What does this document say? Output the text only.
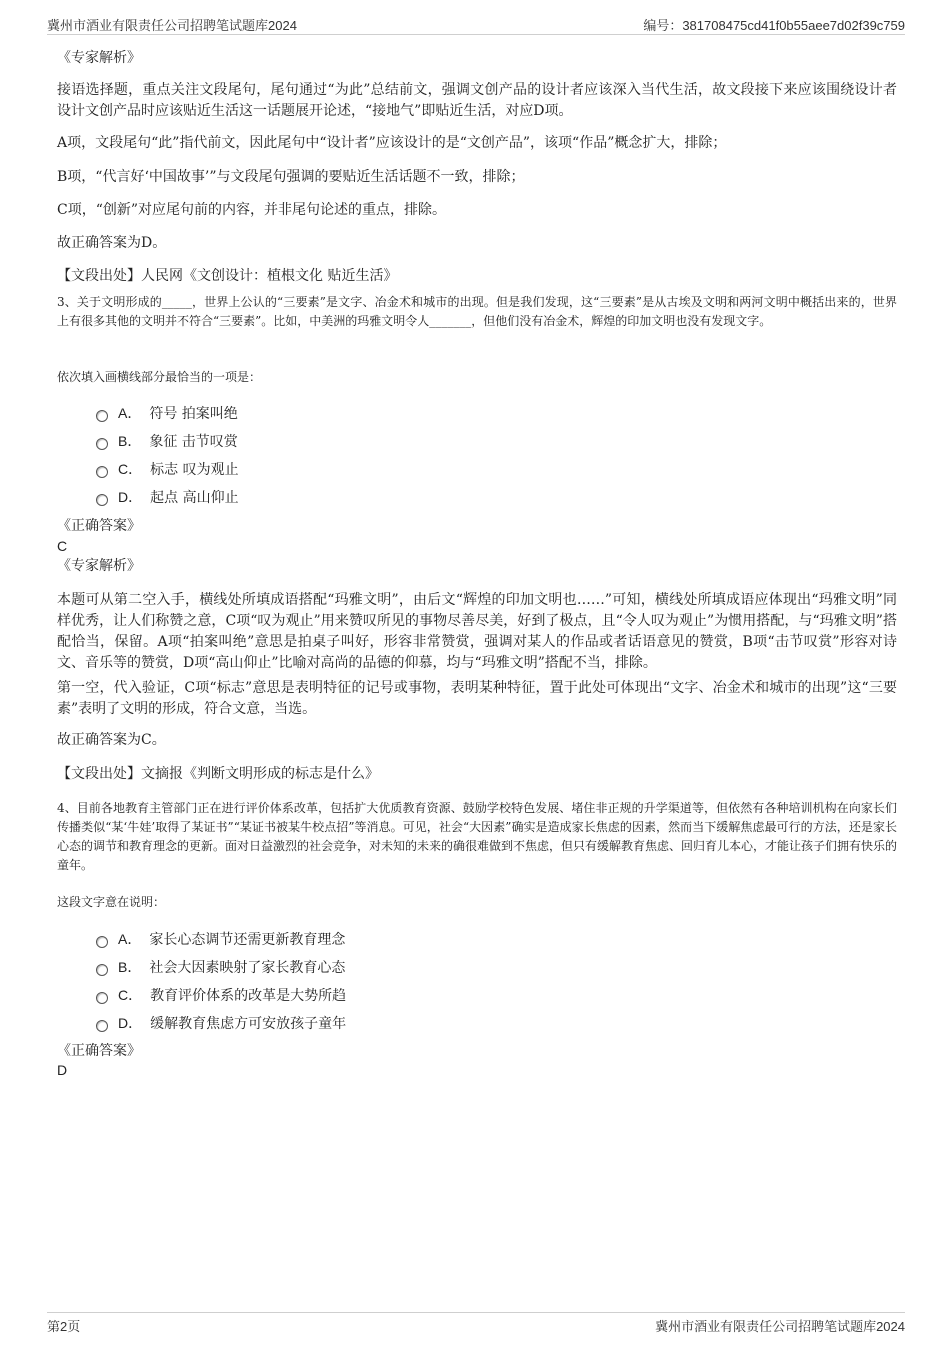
冀州市酒业有限责任公司招聘笔试题库2024	编号：381708475cd41f0b55aee7d02f39c759
《专家解析》

接语选择题，重点关注文段尾句，尾句通过“为此”总结前文，强调文创产品的设计者应该深入当代生活，故文段接下来应该围绕设计者设计文创产品时应该贴近生活这一话题展开论述，“接地气”即贴近生活，对应D项。

A项，文段尾句“此”指代前文，因此尾句中“设计者”应该设计的是“文创产品”，该项“作品”概念扩大，排除；

B项，“代言好‘中国故事’”与文段尾句强调的要贴近生活话题不一致，排除；

C项，“创新”对应尾句前的内容，并非尾句论述的重点，排除。

故正确答案为D。

【文段出处】人民网《文创设计：植根文化 贴近生活》

3、关于文明形成的_____，世界上公认的“三要素”是文字、冶金术和城市的出现。但是我们发现，这“三要素”是从古埃及文明和两河文明中概括出来的，世界上有很多其他的文明并不符合“三要素”。比如，中美洲的玛雅文明令人_______，但他们没有冶金术，辉煌的印加文明也没有发现文字。

依次填入画横线部分最恰当的一项是：

A． 符号 拍案叫绝
B． 象征 击节叹赏
C． 标志 叹为观止
D． 起点 高山仰止
《正确答案》
C
《专家解析》

本题可从第二空入手，横线处所填成语搭配“玛雅文明”，由后文“辉煌的印加文明也……”可知，横线处所填成语应体现出“玛雅文明”同样优秀，让人们称赞之意，C项“叹为观止”用来赞叹所见的事物尽善尽美，好到了极点，且“令人叹为观止”为惯用搭配，与“玛雅文明”搭配恰当，保留。A项“拍案叫绝”意思是拍桌子叫好，形容非常赞赏，强调对某人的作品或者话语意见的赞赏，B项“击节叹赏”形容对诗文、音乐等的赞赏，D项“高山仰止”比喻对高尚的品德的仰慕，均与“玛雅文明”搭配不当，排除。

第一空，代入验证，C项“标志”意思是表明特征的记号或事物，表明某种特征，置于此处可体现出“文字、冶金术和城市的出现”这“三要素”表明了文明的形成，符合文意，当选。

故正确答案为C。

【文段出处】文摘报《判断文明形成的标志是什么》

4、目前各地教育主管部门正在进行评价体系改革，包括扩大优质教育资源、鼓励学校特色发展、堵住非正规的升学渠道等，但依然有各种培训机构在向家长们传播类似“某‘牛娃’取得了某证书”“某证书被某牛校点招”等消息。可见，社会“大因素”确实是造成家长焦虑的因素，然而当下缓解焦虑最可行的方法，还是家长心态的调节和教育理念的更新。面对日益激烈的社会竞争，对未知的未来的确很难做到不焦虑，但只有缓解教育焦虑、回归育儿本心，才能让孩子们拥有快乐的童年。

这段文字意在说明：

A． 家长心态调节还需更新教育理念
B． 社会大因素映射了家长教育心态
C． 教育评价体系的改革是大势所趋
D． 缓解教育焦虑方可安放孩子童年
《正确答案》
D
第2页	冀州市酒业有限责任公司招聘笔试题库2024
